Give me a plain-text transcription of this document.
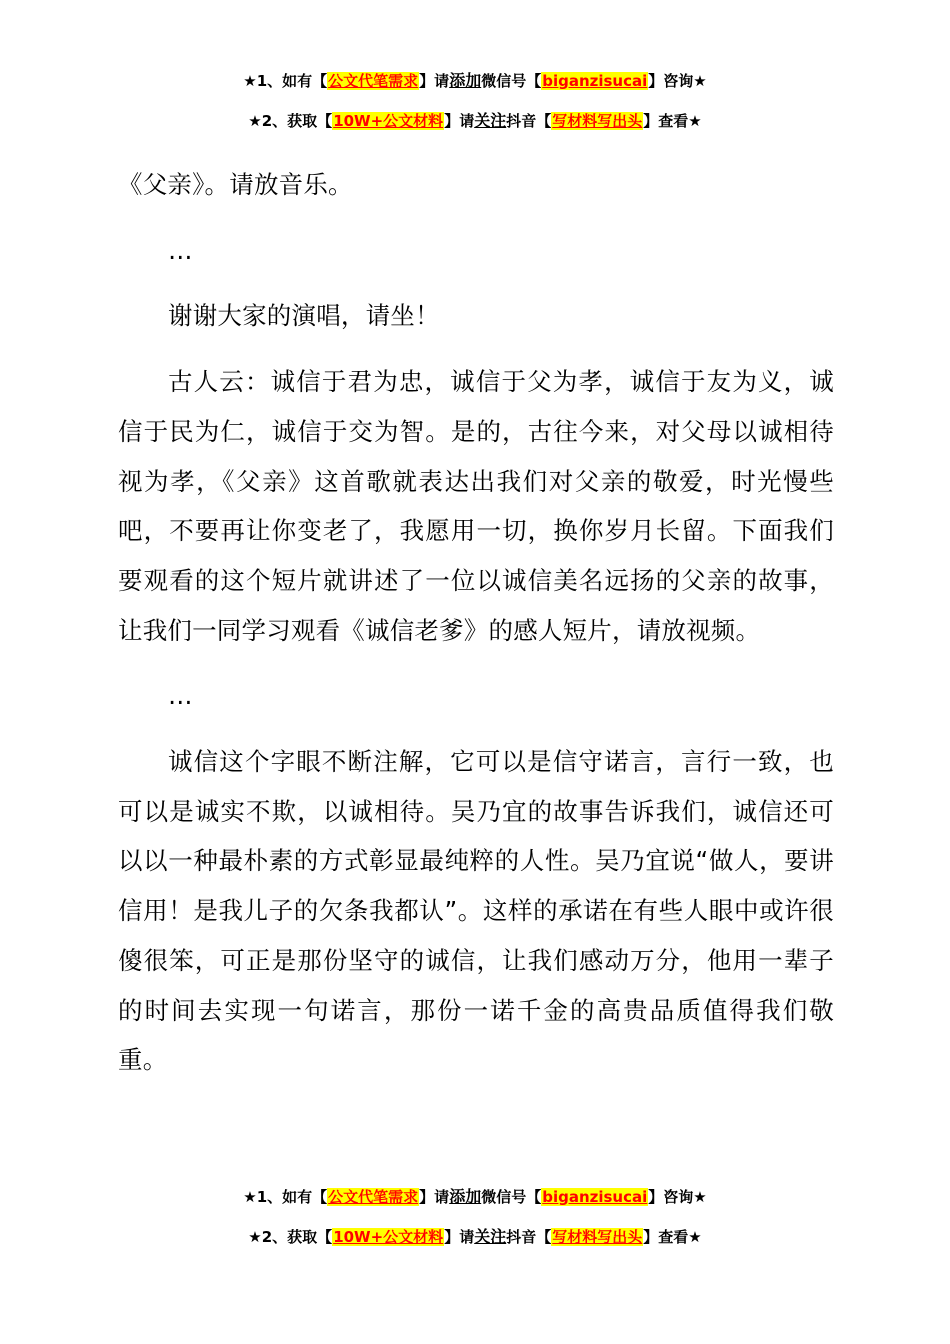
★1、如有【公文代笔需求】请添加微信号【biganzisucai】咨询★
★2、获取【10W+公文材料】请关注抖音【写材料写出头】查看★

《父亲》。请放音乐。

…

谢谢大家的演唱，请坐！

古人云：诚信于君为忠，诚信于父为孝，诚信于友为义，诚信于民为仁，诚信于交为智。是的，古往今来，对父母以诚相待视为孝，《父亲》这首歌就表达出我们对父亲的敬爱，时光慢些吧，不要再让你变老了，我愿用一切，换你岁月长留。下面我们要观看的这个短片就讲述了一位以诚信美名远扬的父亲的故事，让我们一同学习观看《诚信老爹》的感人短片，请放视频。

…

诚信这个字眼不断注解，它可以是信守诺言，言行一致，也可以是诚实不欺，以诚相待。吴乃宜的故事告诉我们，诚信还可以以一种最朴素的方式彰显最纯粹的人性。吴乃宜说“做人，要讲信用！是我儿子的欠条我都认”。这样的承诺在有些人眼中或许很傻很笨，可正是那份坚守的诚信，让我们感动万分，他用一辈子的时间去实现一句诺言，那份一诺千金的高贵品质值得我们敬重。

★1、如有【公文代笔需求】请添加微信号【biganzisucai】咨询★
★2、获取【10W+公文材料】请关注抖音【写材料写出头】查看★
